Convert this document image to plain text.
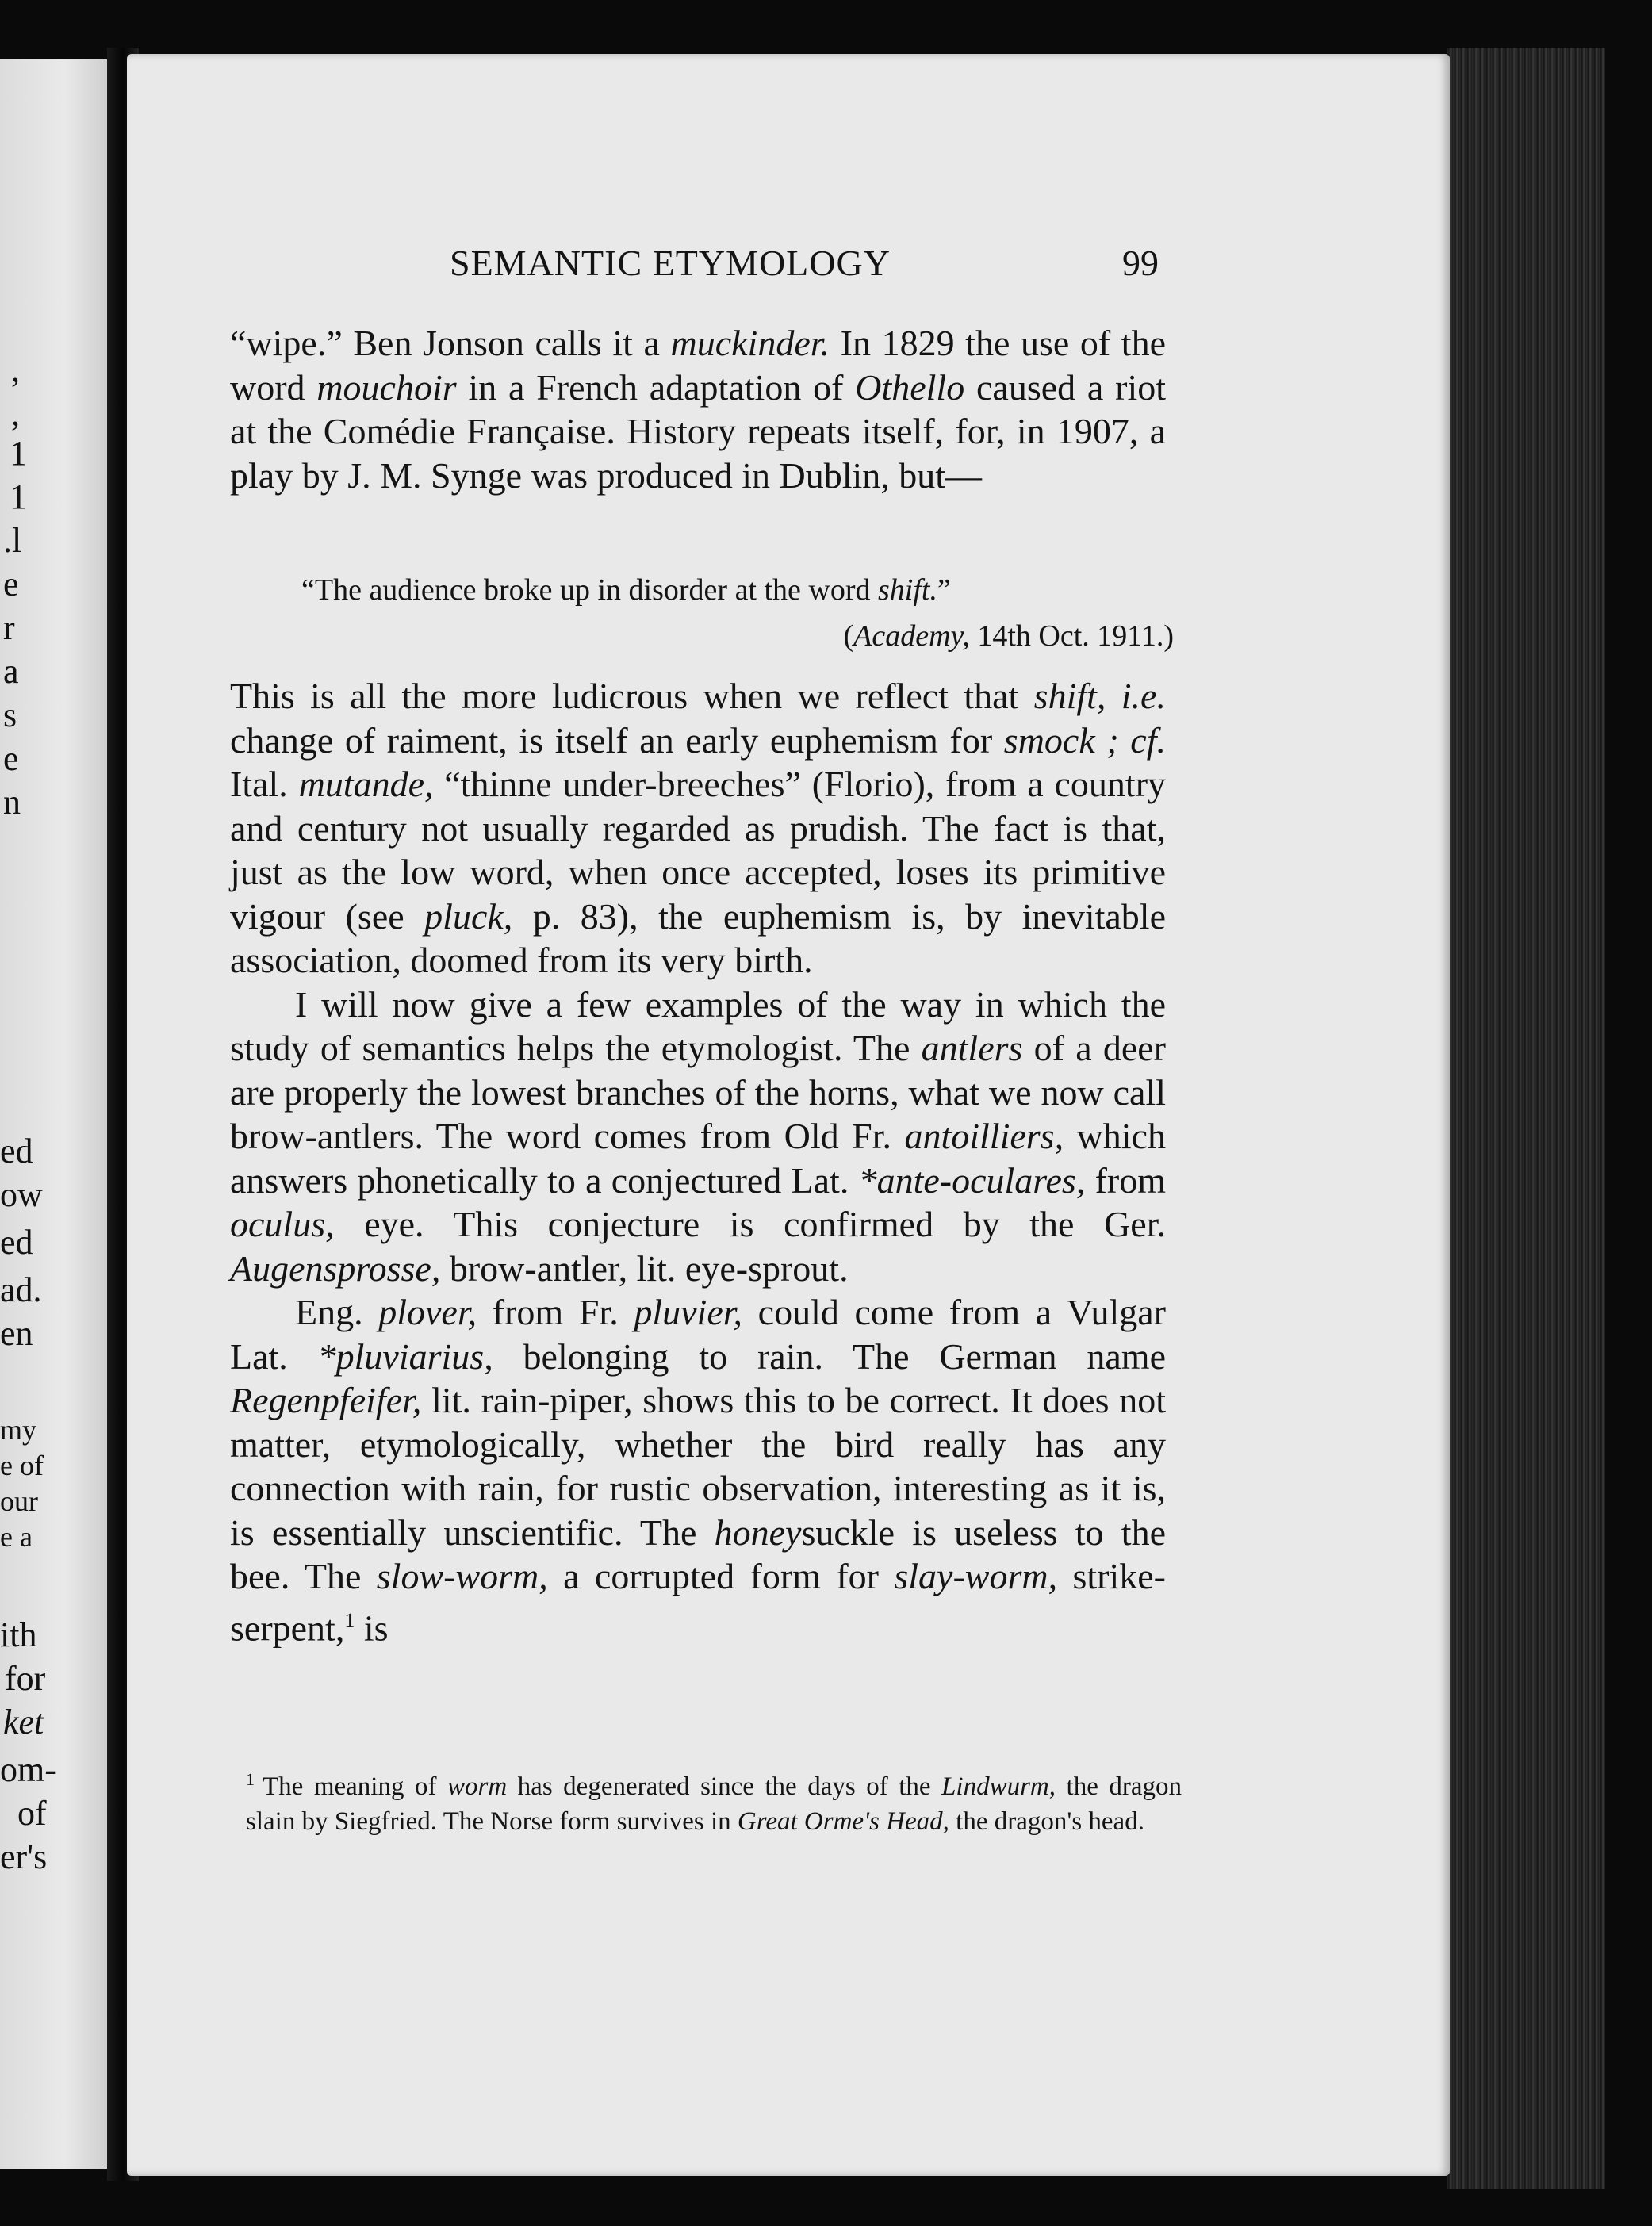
,
,
1
1
.l
e
r
a
s
e
n
ed
ow
ed
ad.
en
my
e of
our
e a
ith
for
ket
om-
of
er's
SEMANTIC ETYMOLOGY	99

“wipe.” Ben Jonson calls it a muckinder. In 1829 the use of the word mouchoir in a French adaptation of Othello caused a riot at the Comédie Française. History repeats itself, for, in 1907, a play by J. M. Synge was produced in Dublin, but—

“The audience broke up in disorder at the word shift.”
(Academy, 14th Oct. 1911.)

This is all the more ludicrous when we reflect that shift, i.e. change of raiment, is itself an early euphemism for smock ; cf. Ital. mutande, “thinne under-breeches” (Florio), from a country and century not usually regarded as prudish. The fact is that, just as the low word, when once accepted, loses its primitive vigour (see pluck, p. 83), the euphemism is, by inevitable association, doomed from its very birth.

I will now give a few examples of the way in which the study of semantics helps the etymologist. The antlers of a deer are properly the lowest branches of the horns, what we now call brow-antlers. The word comes from Old Fr. antoilliers, which answers phonetically to a conjectured Lat. *ante-oculares, from oculus, eye. This conjecture is confirmed by the Ger. Augensprosse, brow-antler, lit. eye-sprout.

Eng. plover, from Fr. pluvier, could come from a Vulgar Lat. *pluviarius, belonging to rain. The German name Regenpfeifer, lit. rain-piper, shows this to be correct. It does not matter, etymologically, whether the bird really has any connection with rain, for rustic observation, interesting as it is, is essentially unscientific. The honeysuckle is useless to the bee. The slow-worm, a corrupted form for slay-worm, strike-serpent,$^1$ is

$^1$ The meaning of worm has degenerated since the days of the Lindwurm, the dragon slain by Siegfried. The Norse form survives in Great Orme's Head, the dragon's head.
